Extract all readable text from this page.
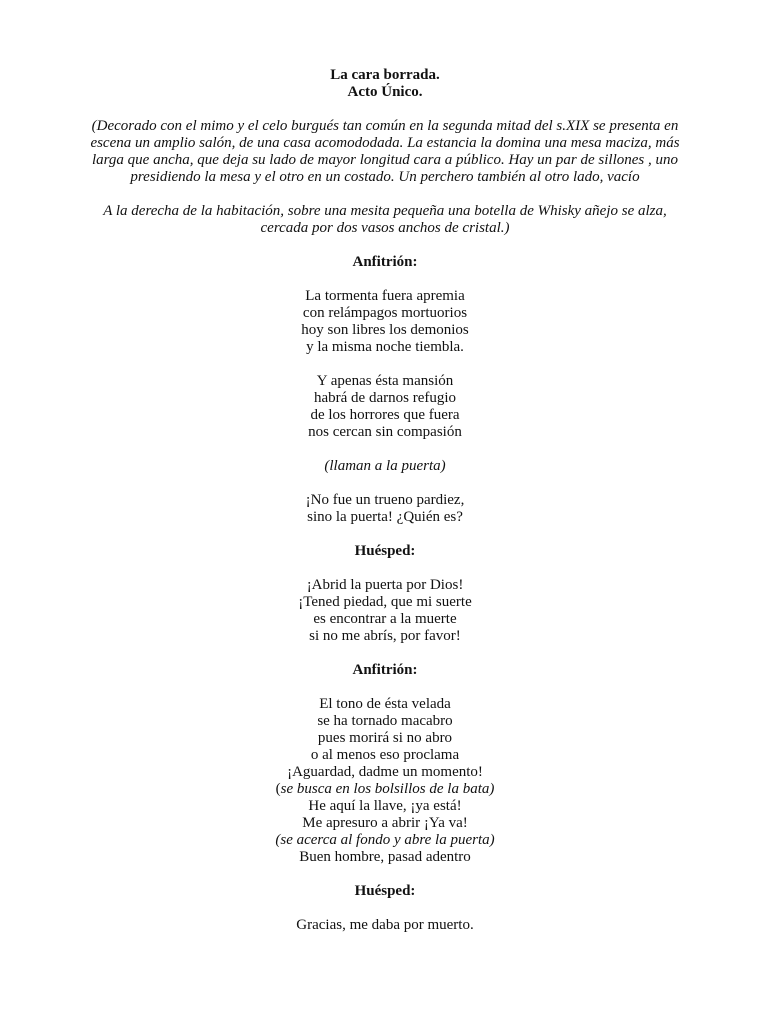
La cara borrada.
Acto Único.
(Decorado con el mimo y el celo burgués tan común en la segunda mitad del s.XIX se presenta en escena un amplio salón, de una casa acomododada. La estancia la domina una mesa maciza, más larga que ancha, que deja su lado de mayor longitud cara a público. Hay un par de sillones , uno presidiendo la mesa y el otro en un costado. Un perchero también al otro lado, vacío
A la derecha de la habitación, sobre una mesita pequeña una botella de Whisky añejo se alza, cercada por dos vasos anchos de cristal.)
Anfitrión:
La tormenta fuera apremia
con relámpagos mortuorios
hoy son libres los demonios
y la misma noche tiembla.
Y apenas ésta mansión
habrá de darnos refugio
de los horrores que fuera
nos cercan sin compasión
(llaman a la puerta)
¡No fue un trueno pardiez,
sino la puerta! ¿Quién es?
Huésped:
¡Abrid la puerta por Dios!
¡Tened piedad, que mi suerte
es encontrar a la muerte
si no me abrís, por favor!
Anfitrión:
El tono de ésta velada
se ha tornado macabro
pues morirá si no abro
o al menos eso proclama
¡Aguardad, dadme un momento!
(se busca en los bolsillos de la bata)
He aquí la llave, ¡ya está!
Me apresuro a abrir ¡Ya va!
(se acerca al fondo y abre la puerta)
Buen hombre, pasad adentro
Huésped:
Gracias, me daba por muerto.
